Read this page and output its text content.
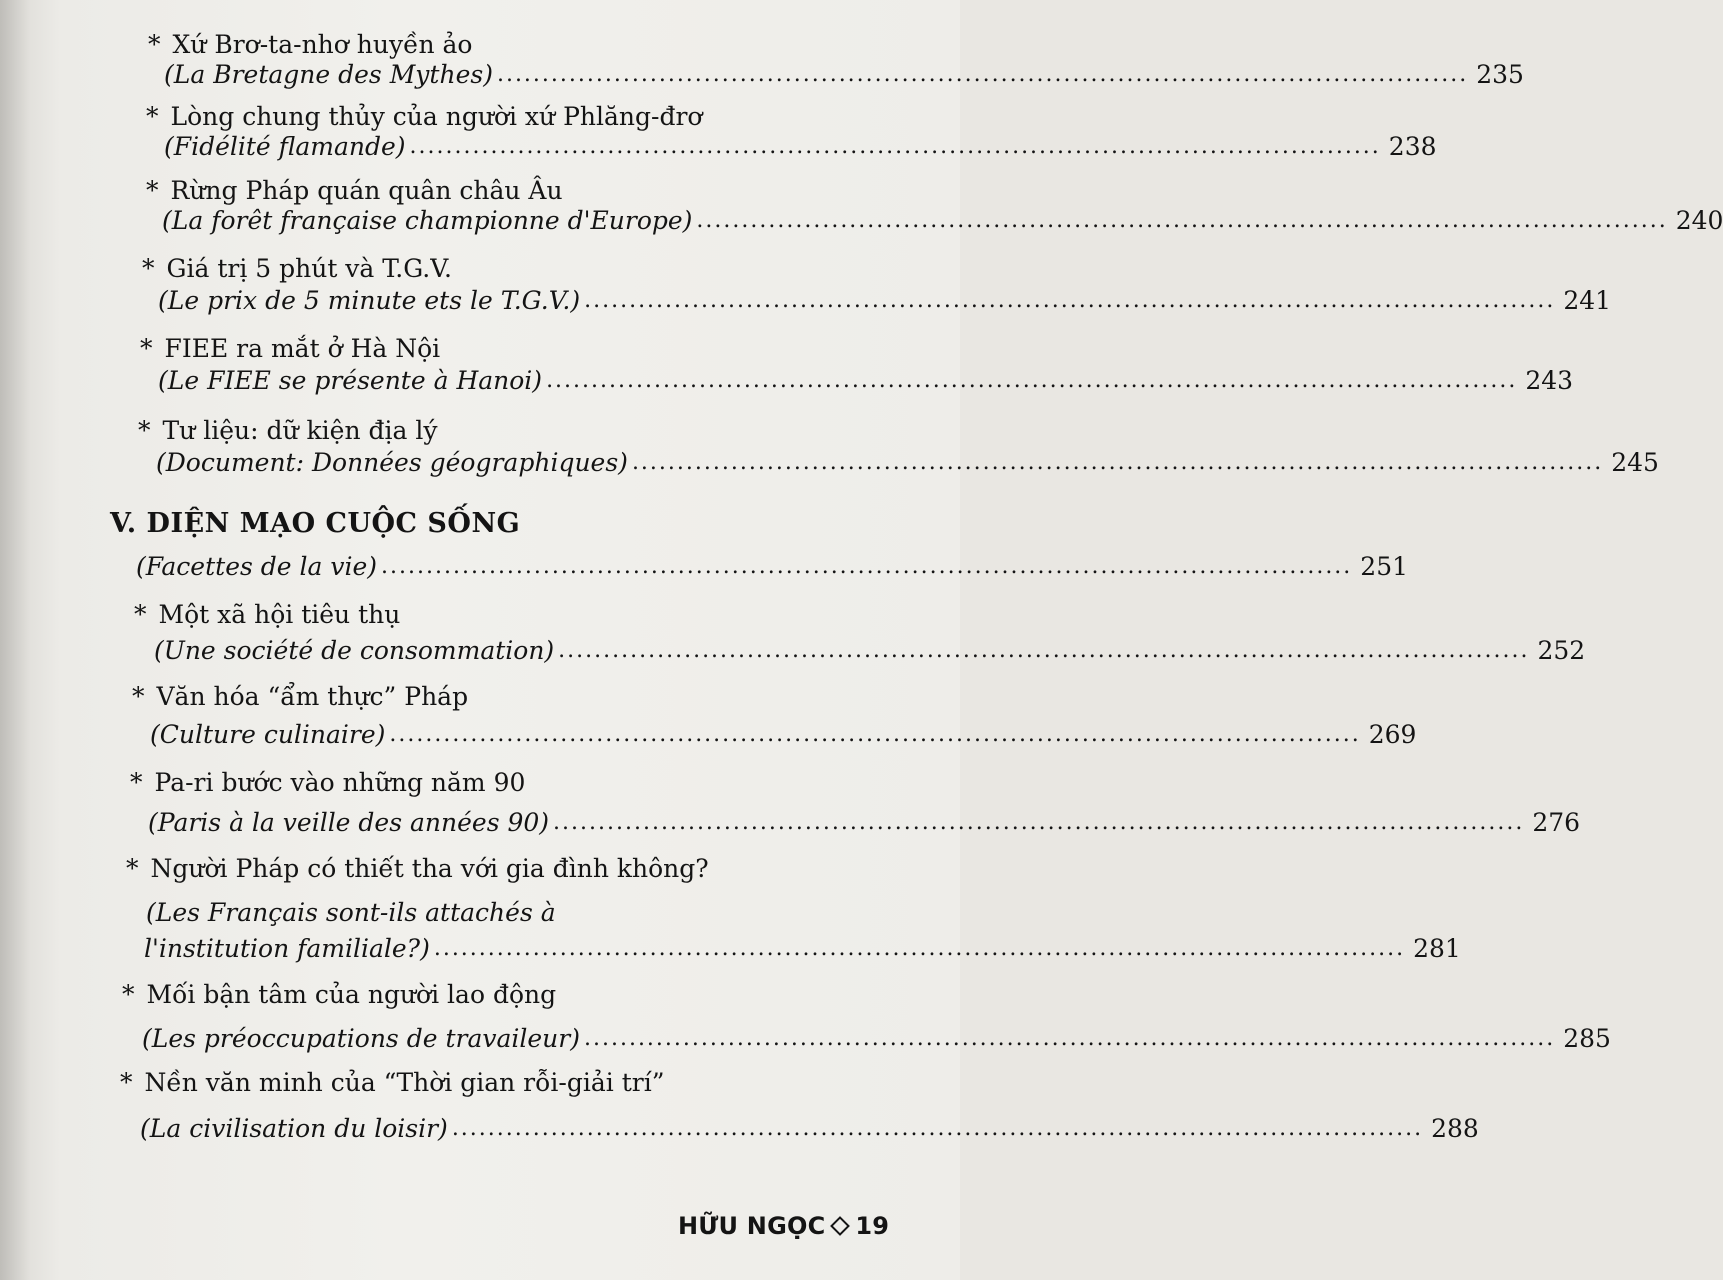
* Xứ Brơ-ta-nhơ huyền ảo
(La Bretagne des Mythes) ............................................................................................................ 235
* Lòng chung thủy của người xứ Phlăng-đrơ
(Fidélité flamande) ............................................................................................................ 238
* Rừng Pháp quán quân châu Âu
(La forêt française championne d'Europe) ............................................................................................................ 240
* Giá trị 5 phút và T.G.V.
(Le prix de 5 minute ets le T.G.V.) ............................................................................................................ 241
* FIEE ra mắt ở Hà Nội
(Le FIEE se présente à Hanoi) ............................................................................................................ 243
* Tư liệu: dữ kiện địa lý
(Document: Données géographiques) ............................................................................................................ 245
V. DIỆN MẠO CUỘC SỐNG
(Facettes de la vie) ............................................................................................................ 251
* Một xã hội tiêu thụ
(Une société de consommation) ............................................................................................................ 252
* Văn hóa “ẩm thực” Pháp
(Culture culinaire) ............................................................................................................ 269
* Pa-ri bước vào những năm 90
(Paris à la veille des années 90) ............................................................................................................ 276
* Người Pháp có thiết tha với gia đình không?
(Les Français sont-ils attachés à
l'institution familiale?) ............................................................................................................ 281
* Mối bận tâm của người lao động
(Les préoccupations de travaileur) ............................................................................................................ 285
* Nền văn minh của “Thời gian rỗi-giải trí”
(La civilisation du loisir) ............................................................................................................ 288
HỮU NGỌC 19
